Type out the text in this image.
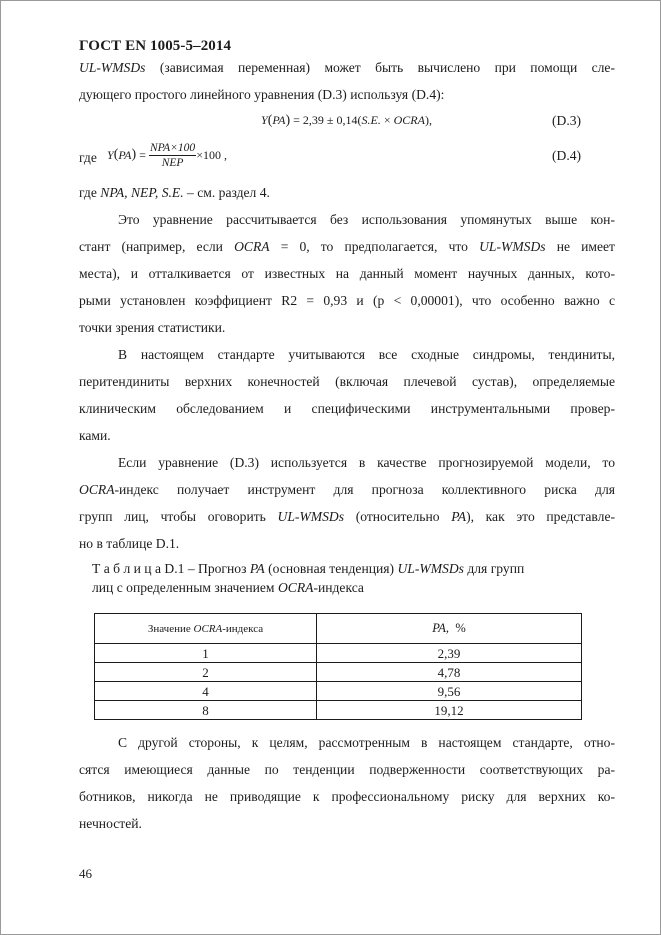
ГОСТ EN 1005-5–2014
UL-WMSDs (зависимая переменная) может быть вычислено при помощи сле-
дующего простого линейного уравнения (D.3) используя (D.4):
Y(PA) = 2,39 ± 0,14(S.E. × OCRA),	(D.3)
где Y ( PA )
=
$\frac{\text{NPA×100}}{\text{NEP}} \times 100$ ,	(D.4)
где NPA, NEP, S.E. – см. раздел 4.
Это уравнение рассчитывается без использования упомянутых выше кон-
стант (например, если OCRA = 0, то предполагается, что UL-WMSDs не имеет
места), и отталкивается от известных на данный момент научных данных, кото-
рыми установлен коэффициент R2 = 0,93 и (p < 0,00001), что особенно важно с
точки зрения статистики.
В настоящем стандарте учитываются все сходные синдромы, тендиниты,
перитендиниты верхних конечностей (включая плечевой сустав), определяемые
клиническим обследованием и специфическими инструментальными провер-
ками.
Если уравнение (D.3) используется в качестве прогнозируемой модели, то
OCRA-индекс получает инструмент для прогноза коллективного риска для
групп лиц, чтобы оговорить UL-WMSDs (относительно PA), как это представле-
но в таблице D.1.
Т а б л и ц а D.1 – Прогноз PA (основная тенденция) UL-WMSDs для групп
лиц с определенным значением OCRA-индекса
Значение OCRA-индекса	PA, %
1	2,39
2	4,78
4	9,56
8	19,12
С другой стороны, к целям, рассмотренным в настоящем стандарте, отно-
сятся имеющиеся данные по тенденции подверженности соответствующих ра-
ботников, никогда не приводящие к профессиональному риску для верхних ко-
нечностей.
46
